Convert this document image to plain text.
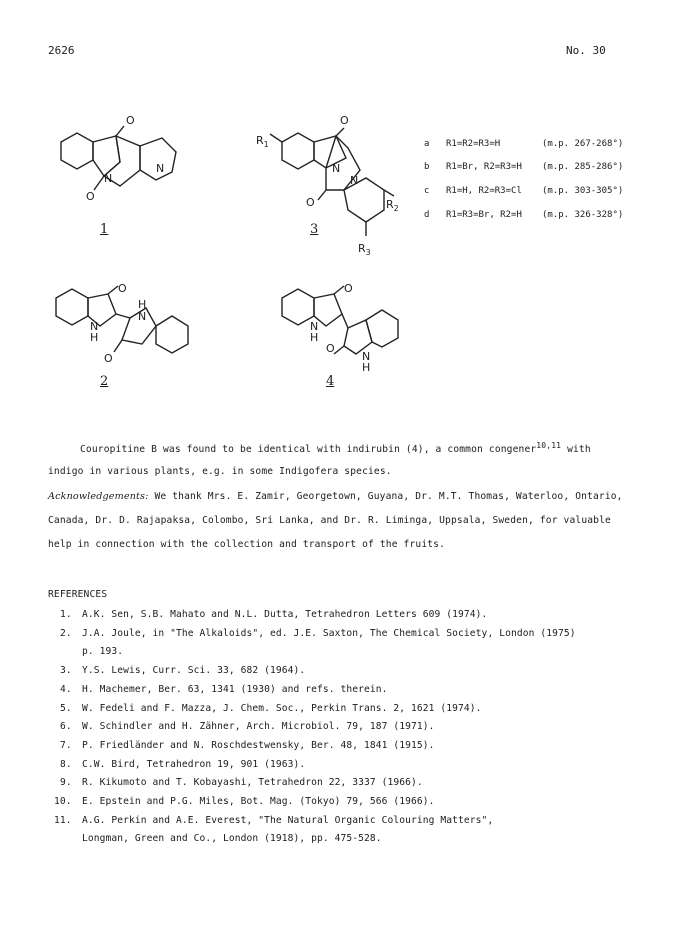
2626	No. 30
O
O
N
N
O
O
N
N
O
O
N
H
H
N
O
O
N
H
N
H
$R_1$
$R_2$
$R_3$
1
2
3
4
a R1=R2=R3=H	(m.p. 267-268°)
b R1=Br, R2=R3=H (m.p. 285-286°)
c R1=H, R2=R3=Cl (m.p. 303-305°)
d R1=R3=Br, R2=H (m.p. 326-328°)
Couropitine B was found to be identical with indirubin (4), a common congener$^{10,11}$ with
indigo in various plants, e.g. in some Indigofera species.
Acknowledgements: We thank Mrs. E. Zamir, Georgetown, Guyana, Dr. M.T. Thomas, Waterloo, Ontario,
Canada, Dr. D. Rajapaksa, Colombo, Sri Lanka, and Dr. R. Liminga, Uppsala, Sweden, for valuable
help in connection with the collection and transport of the fruits.
REFERENCES
1. A.K. Sen, S.B. Mahato and N.L. Dutta, Tetrahedron Letters 609 (1974).
2. J.A. Joule, in "The Alkaloids", ed. J.E. Saxton, The Chemical Society, London (1975)
p. 193.
3. Y.S. Lewis, Curr. Sci. 33, 682 (1964).
4. H. Machemer, Ber. 63, 1341 (1930) and refs. therein.
5. W. Fedeli and F. Mazza, J. Chem. Soc., Perkin Trans. 2, 1621 (1974).
6. W. Schindler and H. Zähner, Arch. Microbiol. 79, 187 (1971).
7. P. Friedländer and N. Roschdestwensky, Ber. 48, 1841 (1915).
8. C.W. Bird, Tetrahedron 19, 901 (1963).
9. R. Kikumoto and T. Kobayashi, Tetrahedron 22, 3337 (1966).
10. E. Epstein and P.G. Miles, Bot. Mag. (Tokyo) 79, 566 (1966).
11. A.G. Perkin and A.E. Everest, "The Natural Organic Colouring Matters",
Longman, Green and Co., London (1918), pp. 475-528.
